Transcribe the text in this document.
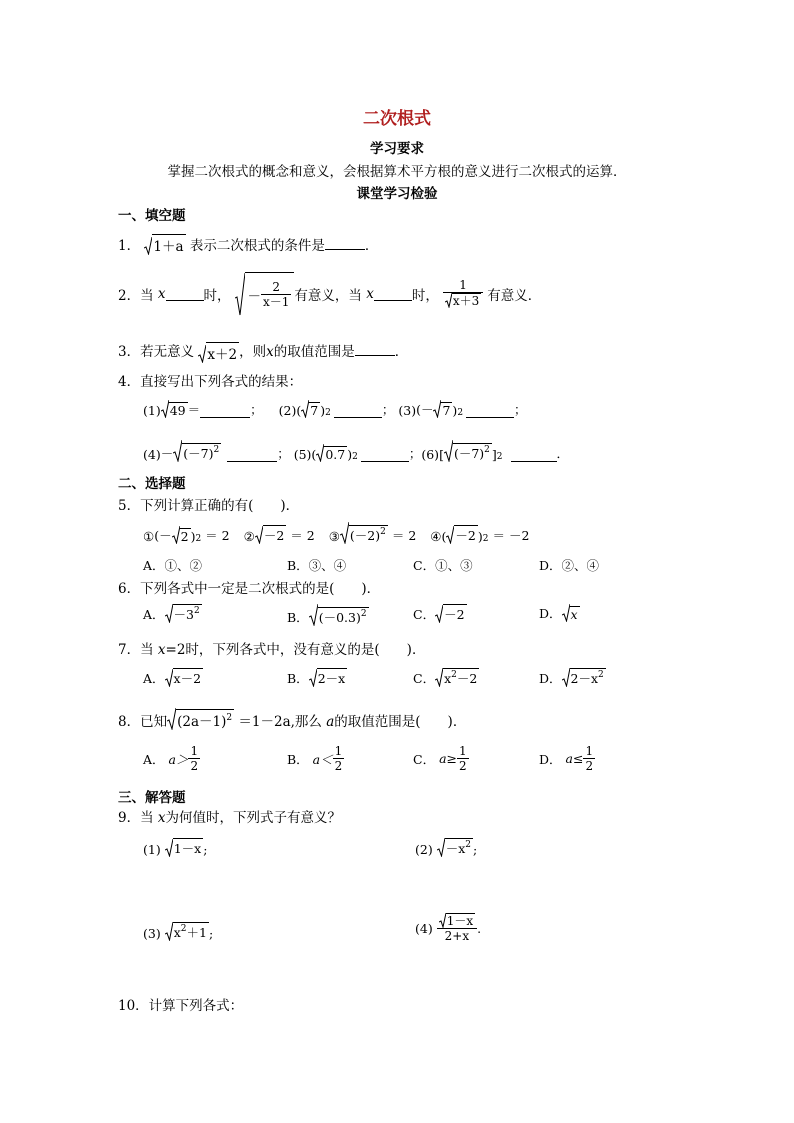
二次根式
学习要求
掌握二次根式的概念和意义，会根据算术平方根的意义进行二次根式的运算．
课堂学习检验
一、填空题
1． 1＋a 表示二次根式的条件是	．
2．当
x	时， － $\frac{2}{x-1}$ 有意义，当
x	时， $\frac{1}{x+3}$ 有意义．
3．若无意义 x＋2 ，则x的取值范围是	．
4．直接写出下列各式的结果：
(1) 49 ＝	； (2) ( 7 ) 2	； (3) (－ 7 ) 2	；
$(4) - (-7)^2$	； (5) ( 0.7 ) 2	； (6) [ $(-7)^2$ ] 2	．
二、选择题
5．下列计算正确的有(　　)．
① (－ 2 ) 2
＝ 2 ② －2
＝ 2 ③ $(-2)^2$
＝ 2 ④ ( －2 ) 2
＝ －2
A．①、②	B．③、④	C．①、③	D．②、④
6．下列各式中一定是二次根式的是(　　)．
A． $-3^2$	B． $(-0.3)^2$	C． －2	D． x
7．当 x=2时，下列各式中，没有意义的是(　　)．
A． x－2	B． 2－x	C． $x^2-2$	D． $2-x^2$
8．已知 $(2a-1)^2$
＝1－2a ,那么
a 的取值范围是(　　)．
A．
$a> \frac{1}{2}$	B．
$a< \frac{1}{2}$	C．
$a\ge \frac{1}{2}$	D．
$a\le \frac{1}{2}$
三、解答题
9．当 x为何值时，下列式子有意义？
(1)
1－x ;	(2)
$-x^2$ ;
(3)
$x^2+1$ ;	(4)
$\frac{1-x}{2+x}$ .
10．计算下列各式：
